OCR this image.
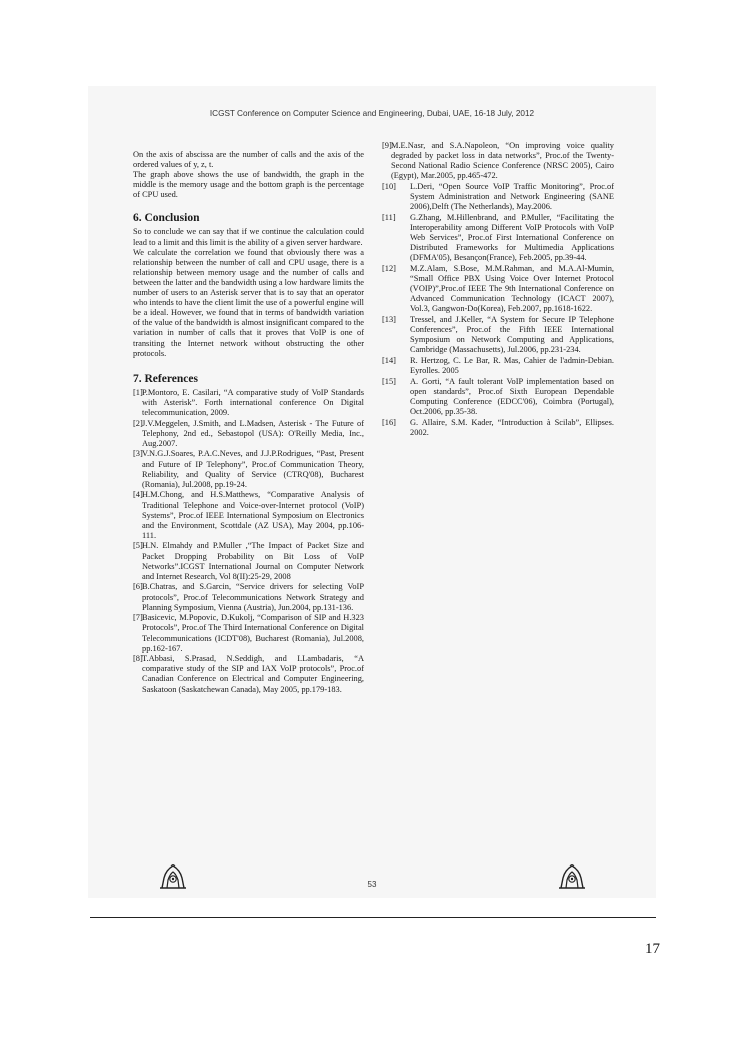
ICGST Conference on Computer Science and Engineering, Dubai, UAE, 16-18 July, 2012

On the axis of abscissa are the number of calls and the axis of the ordered values of y, z, t.

The graph above shows the use of bandwidth, the graph in the middle is the memory usage and the bottom graph is the percentage of CPU used.

6. Conclusion

So to conclude we can say that if we continue the calculation could lead to a limit and this limit is the ability of a given server hardware.

We calculate the correlation we found that obviously there was a relationship between the number of call and CPU usage, there is a relationship between memory usage and the number of calls and between the latter and the bandwidth using a low hardware limits the number of users to an Asterisk server that is to say that an operator who intends to have the client limit the use of a powerful engine will be a ideal. However, we found that in terms of bandwidth variation of the value of the bandwidth is almost insignificant compared to the variation in number of calls that it proves that VoIP is one of transiting the Internet network without obstructing the other protocols.

7. References
[1] P.Montoro, E. Casilari, “A comparative study of VoIP Standards with Asterisk”. Forth international conference On Digital telecommunication, 2009.
[2] J.V.Meggelen, J.Smith, and L.Madsen, Asterisk - The Future of Telephony, 2nd ed., Sebastopol (USA): O'Reilly Media, Inc., Aug.2007.
[3] V.N.G.J.Soares, P.A.C.Neves, and J.J.P.Rodrigues, “Past, Present and Future of IP Telephony”, Proc.of Communication Theory, Reliability, and Quality of Service (CTRQ'08), Bucharest (Romania), Jul.2008, pp.19-24.
[4] H.M.Chong, and H.S.Matthews, “Comparative Analysis of Traditional Telephone and Voice-over-Internet protocol (VoIP) Systems”, Proc.of IEEE International Symposium on Electronics and the Environment, Scottdale (AZ USA), May 2004, pp.106-111.
[5] H.N. Elmahdy and P.Muller ,“The Impact of Packet Size and Packet Dropping Probability on Bit Loss of VoIP Networks”.ICGST International Journal on Computer Network and Internet Research, Vol 8(II):25-29, 2008
[6] B.Chatras, and S.Garcin, “Service drivers for selecting VoIP protocols”, Proc.of Telecommunications Network Strategy and Planning Symposium, Vienna (Austria), Jun.2004, pp.131-136.
[7] Basicevic, M.Popovic, D.Kukolj, “Comparison of SIP and H.323 Protocols”, Proc.of The Third International Conference on Digital Telecommunications (ICDT'08), Bucharest (Romania), Jul.2008, pp.162-167.
[8] T.Abbasi, S.Prasad, N.Seddigh, and I.Lambadaris, “A comparative study of the SIP and IAX VoIP protocols”, Proc.of Canadian Conference on Electrical and Computer Engineering, Saskatoon (Saskatchewan Canada), May 2005, pp.179-183.
[9] M.E.Nasr, and S.A.Napoleon, “On improving voice quality degraded by packet loss in data networks”, Proc.of the Twenty-Second National Radio Science Conference (NRSC 2005), Cairo (Egypt), Mar.2005, pp.465-472.
[10]	L.Deri, “Open Source VoIP Traffic Monitoring”, Proc.of System Administration and Network Engineering (SANE 2006),Delft (The Netherlands), May.2006.
[11]	G.Zhang, M.Hillenbrand, and P.Muller, “Facilitating the Interoperability among Different VoIP Protocols with VoIP Web Services”, Proc.of First International Conference on Distributed Frameworks for Multimedia Applications (DFMA'05), Besançon(France), Feb.2005, pp.39-44.
[12]	M.Z.Alam, S.Bose, M.M.Rahman, and M.A.Al-Mumin, “Small Office PBX Using Voice Over Internet Protocol (VOIP)”,Proc.of IEEE The 9th International Conference on Advanced Communication Technology (ICACT 2007), Vol.3, Gangwon-Do(Korea), Feb.2007, pp.1618-1622.
[13]	Tressel, and J.Keller, “A System for Secure IP Telephone Conferences”, Proc.of the Fifth IEEE International Symposium on Network Computing and Applications, Cambridge (Massachusetts), Jul.2006, pp.231-234.
[14]	R. Hertzog, C. Le Bar, R. Mas, Cahier de l'admin-Debian. Eyrolles. 2005
[15]	A. Gorti, “A fault tolerant VoIP implementation based on open standards”, Proc.of Sixth European Dependable Computing Conference (EDCC'06), Coimbra (Portugal), Oct.2006, pp.35-38.
[16]	G. Allaire, S.M. Kader, “Introduction à Scilab”, Ellipses. 2002.
53
17
